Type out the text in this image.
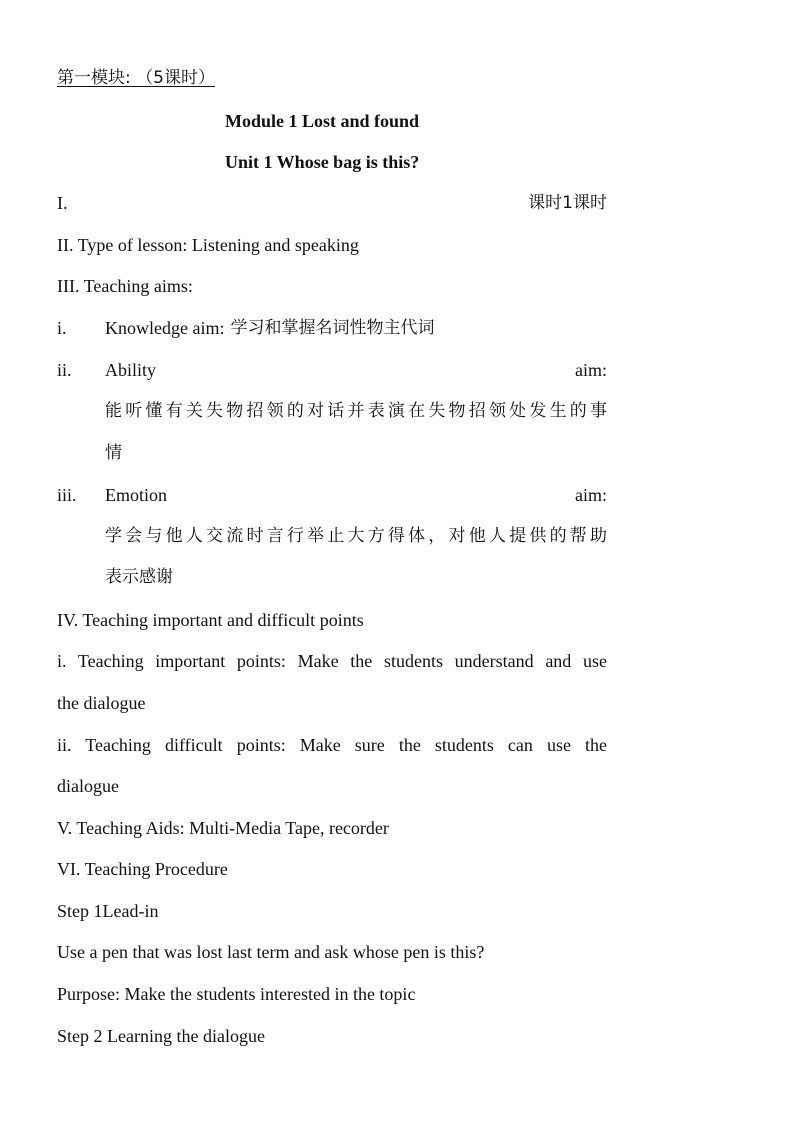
第一模块: （5课时）
Module 1 Lost and found
Unit 1 Whose bag is this?
I.	课时1课时
II. Type of lesson: Listening and speaking
III. Teaching aims:
i.	Knowledge aim: 学习和掌握名词性物主代词
ii.	Ability	aim:
能听懂有关失物招领的对话并表演在失物招领处发生的事
情
iii.	Emotion	aim:
学会与他人交流时言行举止大方得体，对他人提供的帮助
表示感谢
IV. Teaching important and difficult points
i. Teaching important points: Make the students understand and use
the dialogue
ii. Teaching difficult points: Make sure the students can use the
dialogue
V. Teaching Aids: Multi-Media Tape, recorder
VI. Teaching Procedure
Step 1Lead-in
Use a pen that was lost last term and ask whose pen is this?
Purpose: Make the students interested in the topic
Step 2 Learning the dialogue
